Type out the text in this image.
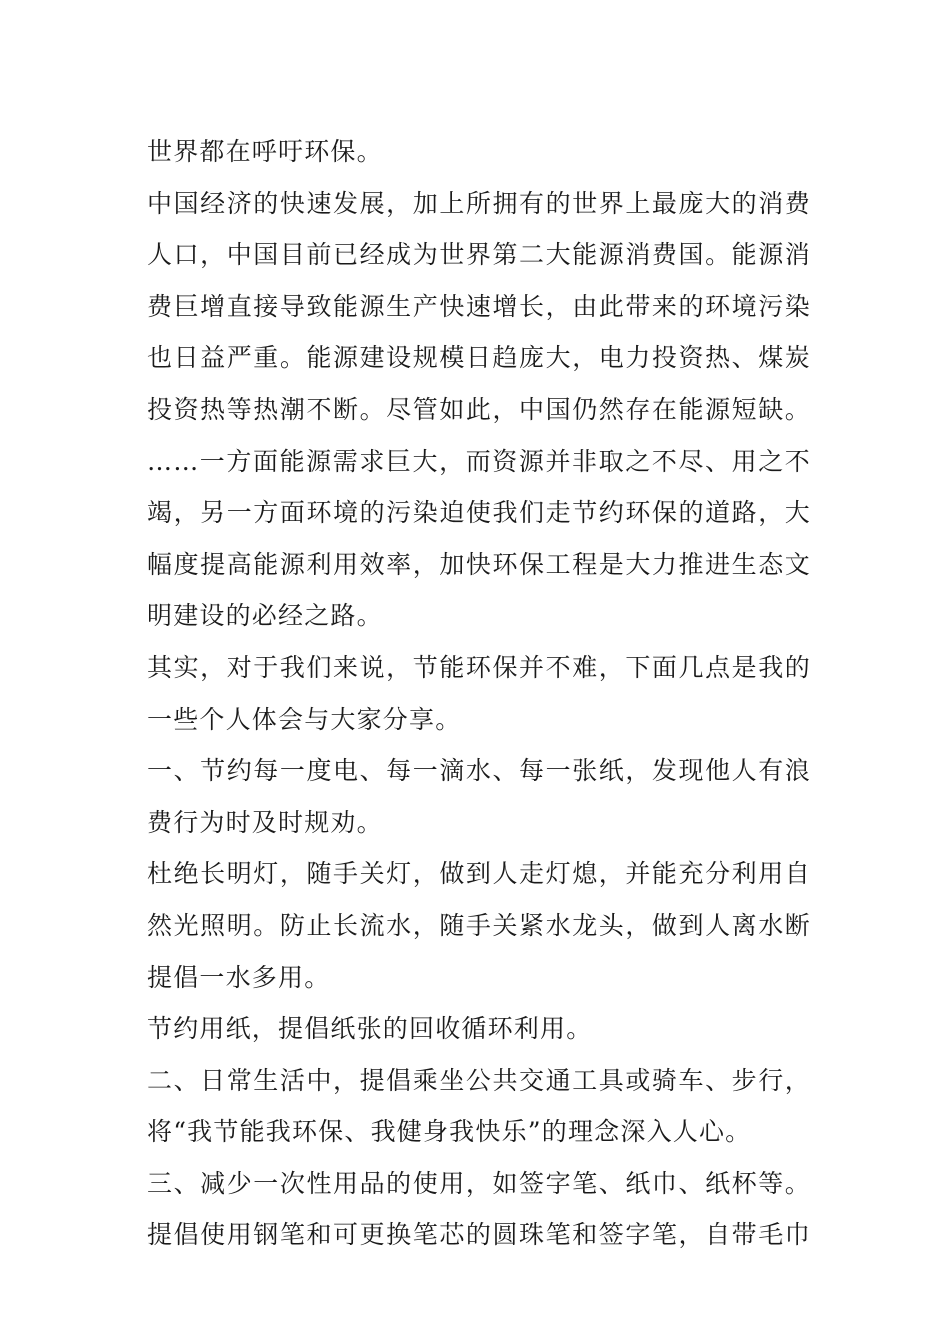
世界都在呼吁环保。
中国经济的快速发展，加上所拥有的世界上最庞大的消费
人口，中国目前已经成为世界第二大能源消费国。能源消
费巨增直接导致能源生产快速增长，由此带来的环境污染
也日益严重。能源建设规模日趋庞大，电力投资热、煤炭
投资热等热潮不断。尽管如此，中国仍然存在能源短缺。
……一方面能源需求巨大，而资源并非取之不尽、用之不
竭，另一方面环境的污染迫使我们走节约环保的道路，大
幅度提高能源利用效率，加快环保工程是大力推进生态文
明建设的必经之路。
其实，对于我们来说，节能环保并不难，下面几点是我的
一些个人体会与大家分享。
一、节约每一度电、每一滴水、每一张纸，发现他人有浪
费行为时及时规劝。
杜绝长明灯，随手关灯，做到人走灯熄，并能充分利用自
然光照明。防止长流水，随手关紧水龙头，做到人离水断
提倡一水多用。
节约用纸，提倡纸张的回收循环利用。
二、日常生活中，提倡乘坐公共交通工具或骑车、步行，
将“我节能我环保、我健身我快乐”的理念深入人心。
三、减少一次性用品的使用，如签字笔、纸巾、纸杯等。
提倡使用钢笔和可更换笔芯的圆珠笔和签字笔，自带毛巾
